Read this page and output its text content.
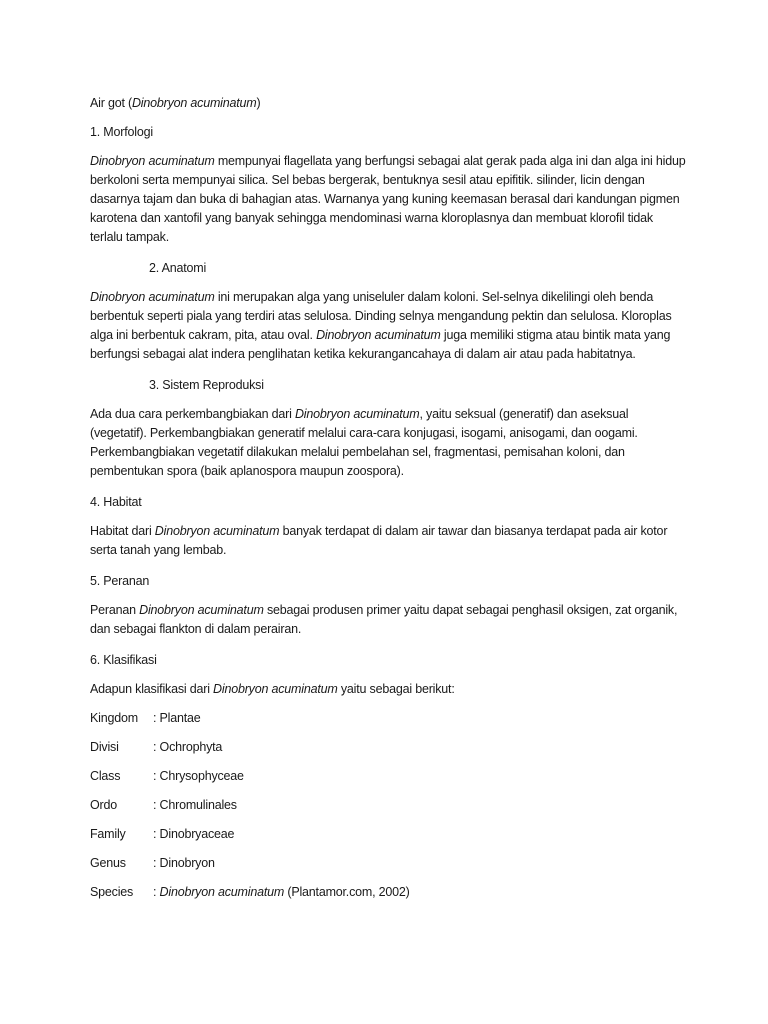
Air got (Dinobryon acuminatum)

1. Morfologi

Dinobryon acuminatum mempunyai flagellata yang berfungsi sebagai alat gerak pada alga ini dan alga ini hidup berkoloni serta mempunyai silica. Sel bebas bergerak, bentuknya sesil atau epifitik. silinder, licin dengan dasarnya tajam dan buka di bahagian atas. Warnanya yang kuning keemasan berasal dari kandungan pigmen karotena dan xantofil yang banyak sehingga mendominasi warna kloroplasnya dan membuat klorofil tidak terlalu tampak.

2. Anatomi

Dinobryon acuminatum ini merupakan alga yang uniseluler dalam koloni. Sel-selnya dikelilingi oleh benda berbentuk seperti piala yang terdiri atas selulosa. Dinding selnya mengandung pektin dan selulosa. Kloroplas alga ini berbentuk cakram, pita, atau oval. Dinobryon acuminatum juga memiliki stigma atau bintik mata yang berfungsi sebagai alat indera penglihatan ketika kekurangancahaya di dalam air atau pada habitatnya.

3. Sistem Reproduksi

Ada dua cara perkembangbiakan dari Dinobryon acuminatum, yaitu seksual (generatif) dan aseksual (vegetatif). Perkembangbiakan generatif melalui cara-cara konjugasi, isogami, anisogami, dan oogami. Perkembangbiakan vegetatif dilakukan melalui pembelahan sel, fragmentasi, pemisahan koloni, dan pembentukan spora (baik aplanospora maupun zoospora).

4. Habitat

Habitat dari Dinobryon acuminatum banyak terdapat di dalam air tawar dan biasanya terdapat pada air kotor serta tanah yang lembab.

5. Peranan

Peranan Dinobryon acuminatum sebagai produsen primer yaitu dapat sebagai penghasil oksigen, zat organik, dan sebagai flankton di dalam perairan.

6. Klasifikasi

Adapun klasifikasi dari Dinobryon acuminatum yaitu sebagai berikut:

Kingdom	: Plantae
Divisi	: Ochrophyta
Class	: Chrysophyceae
Ordo	: Chromulinales
Family	: Dinobryaceae
Genus	: Dinobryon
Species	: Dinobryon acuminatum (Plantamor.com, 2002)
